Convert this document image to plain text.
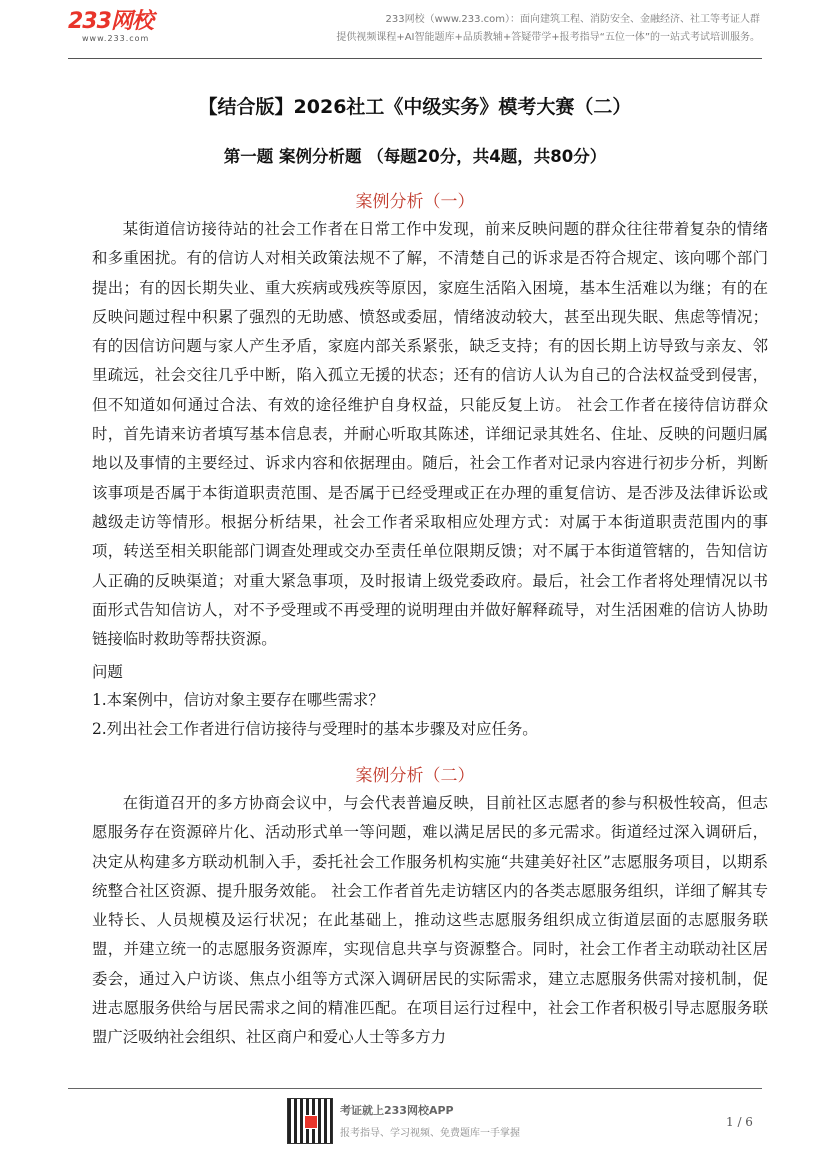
233网校
www.233.com
233网校（www.233.com）：面向建筑工程、消防安全、金融经济、社工等考证人群
提供视频课程+AI智能题库+品质教辅+答疑带学+报考指导“五位一体”的一站式考试培训服务。
【结合版】2026社工《中级实务》模考大赛（二）
第一题 案例分析题 （每题20分，共4题，共80分）
案例分析（一）

某街道信访接待站的社会工作者在日常工作中发现，前来反映问题的群众往往带着复杂的情绪和多重困扰。有的信访人对相关政策法规不了解，不清楚自己的诉求是否符合规定、该向哪个部门提出；有的因长期失业、重大疾病或残疾等原因，家庭生活陷入困境，基本生活难以为继；有的在反映问题过程中积累了强烈的无助感、愤怒或委屈，情绪波动较大，甚至出现失眠、焦虑等情况；有的因信访问题与家人产生矛盾，家庭内部关系紧张，缺乏支持；有的因长期上访导致与亲友、邻里疏远，社会交往几乎中断，陷入孤立无援的状态；还有的信访人认为自己的合法权益受到侵害，但不知道如何通过合法、有效的途径维护自身权益，只能反复上访。 社会工作者在接待信访群众时，首先请来访者填写基本信息表，并耐心听取其陈述，详细记录其姓名、住址、反映的问题归属地以及事情的主要经过、诉求内容和依据理由。随后，社会工作者对记录内容进行初步分析，判断该事项是否属于本街道职责范围、是否属于已经受理或正在办理的重复信访、是否涉及法律诉讼或越级走访等情形。根据分析结果，社会工作者采取相应处理方式：对属于本街道职责范围内的事项，转送至相关职能部门调查处理或交办至责任单位限期反馈；对不属于本街道管辖的，告知信访人正确的反映渠道；对重大紧急事项，及时报请上级党委政府。最后，社会工作者将处理情况以书面形式告知信访人，对不予受理或不再受理的说明理由并做好解释疏导，对生活困难的信访人协助链接临时救助等帮扶资源。

问题
1.本案例中，信访对象主要存在哪些需求？
2.列出社会工作者进行信访接待与受理时的基本步骤及对应任务。
案例分析（二）

在街道召开的多方协商会议中，与会代表普遍反映，目前社区志愿者的参与积极性较高，但志愿服务存在资源碎片化、活动形式单一等问题，难以满足居民的多元需求。街道经过深入调研后，决定从构建多方联动机制入手，委托社会工作服务机构实施“共建美好社区”志愿服务项目，以期系统整合社区资源、提升服务效能。 社会工作者首先走访辖区内的各类志愿服务组织，详细了解其专业特长、人员规模及运行状况；在此基础上，推动这些志愿服务组织成立街道层面的志愿服务联盟，并建立统一的志愿服务资源库，实现信息共享与资源整合。同时，社会工作者主动联动社区居委会，通过入户访谈、焦点小组等方式深入调研居民的实际需求，建立志愿服务供需对接机制，促进志愿服务供给与居民需求之间的精准匹配。在项目运行过程中，社会工作者积极引导志愿服务联盟广泛吸纳社会组织、社区商户和爱心人士等多方力

考证就上233网校APP
报考指导、学习视频、免费题库一手掌握
1 / 6
